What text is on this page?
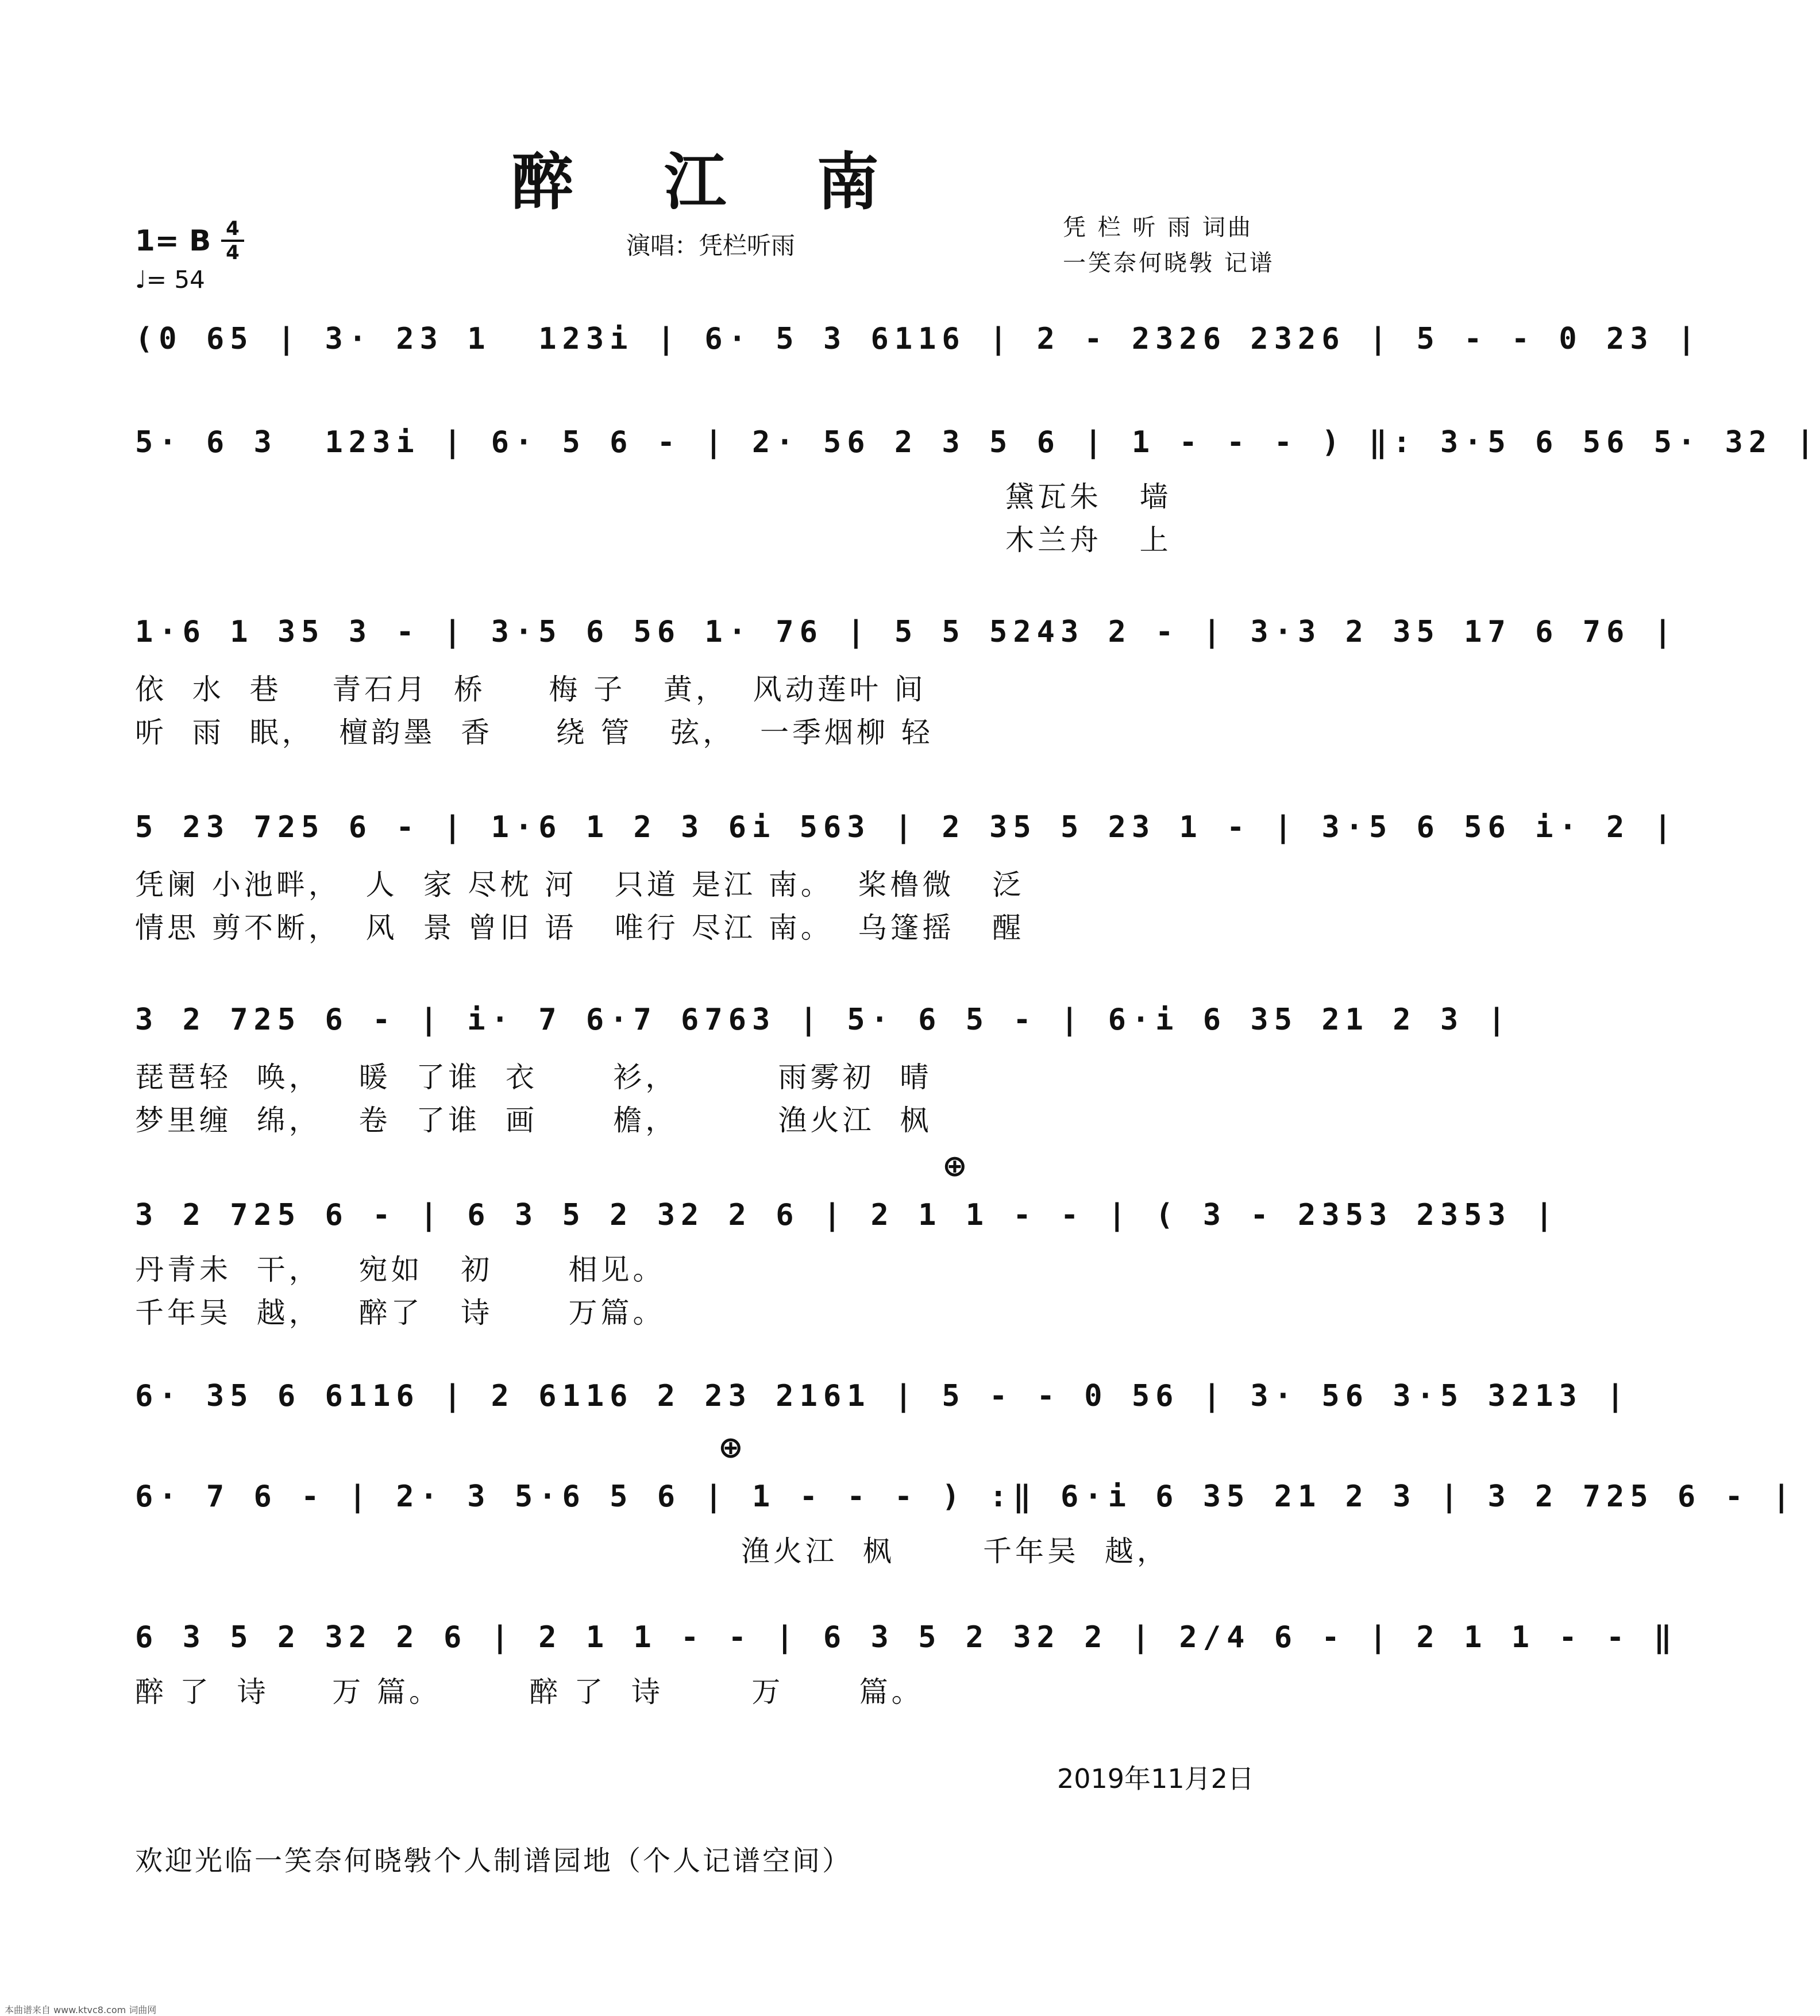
醉 江 南
1= B 4
4
♩= 54
演唱：凭栏听雨
凭 栏 听 雨 词曲
一笑奈何晓斅 记谱
(0 65 | 3· 23 1  123i | 6· 5 3 6116 | 2 - 2326 2326 | 5 - - 0 23 |
5· 6 3  123i | 6· 5 6 - | 2· 56 2 3 5 6 | 1 - - - ) ‖: 3·5 6 56 5· 32 |
黛瓦朱   墙
木兰舟   上
1·6 1 35 3 - | 3·5 6 56 1· 76 | 5 5 5243 2 - | 3·3 2 35 17 6 76 |
依  水  巷    青石月  桥     梅 子   黄，  风动莲叶 间
听  雨  眠，  檀韵墨  香     绕 管   弦，  一季烟柳 轻
5 23 725 6 - | 1·6 1 2 3 6i 563 | 2 35 5 23 1 - | 3·5 6 56 i· 2 |
凭阑 小池畔，  人  家 尽枕 河   只道 是江 南。  桨橹微   泛
情思 剪不断，  风  景 曾旧 语   唯行 尽江 南。  乌篷摇   醒
3 2 725 6 - | i· 7 6·7 6763 | 5· 6 5 - | 6·i 6 35 21 2 3 |
琵琶轻  唤，   暖  了谁  衣      衫，        雨雾初  晴
梦里缠  绵，   卷  了谁  画      檐，        渔火江  枫
⊕
3 2 725 6 - | 6 3 5 2 32 2 6 | 2 1 1 - - | ( 3 - 2353 2353 |
丹青未  干，   宛如   初      相见。
千年吴  越，   醉了   诗      万篇。
6· 35 6 6116 | 2 6116 2 23 2161 | 5 - - 0 56 | 3· 56 3·5 3213 |
⊕
6· 7 6 - | 2· 3 5·6 5 6 | 1 - - - ) :‖ 6·i 6 35 21 2 3 | 3 2 725 6 - |
渔火江  枫       千年吴  越，
6 3 5 2 32 2 6 | 2 1 1 - - | 6 3 5 2 32 2 | 2/4 6 - | 2 1 1 - - ‖
醉 了  诗     万 篇。       醉 了  诗       万      篇。
2019年11月2日
欢迎光临一笑奈何晓斅个人制谱园地（个人记谱空间）
本曲谱来自 www.ktvc8.com 词曲网
